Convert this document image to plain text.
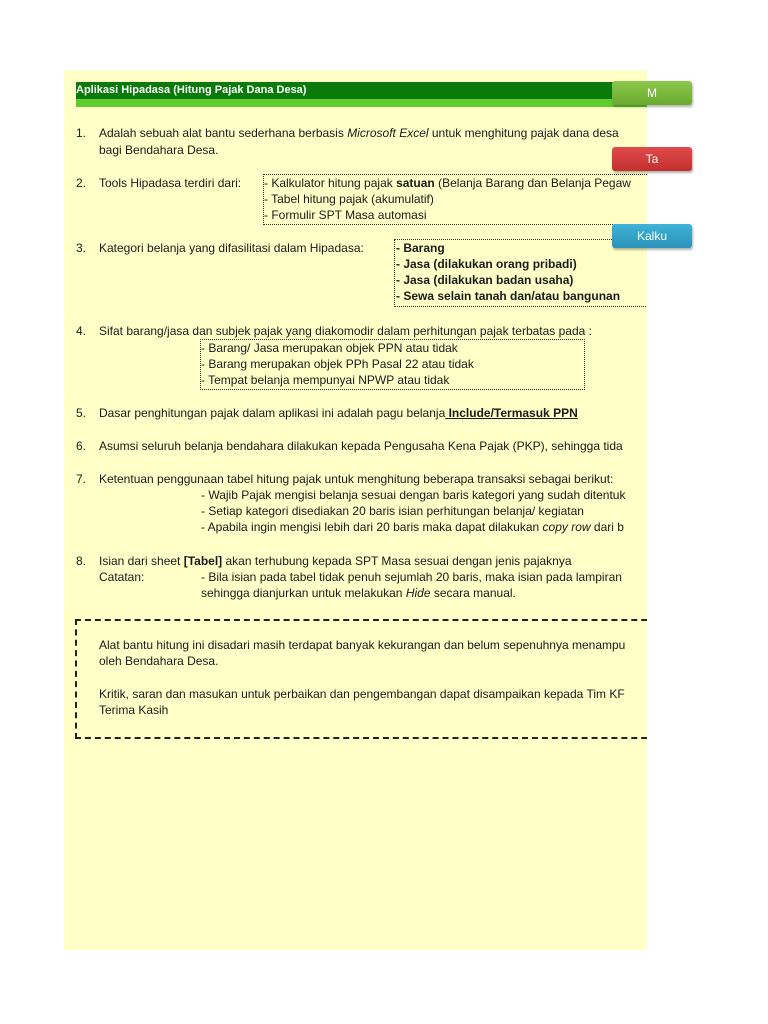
Aplikasi Hipadasa (Hitung Pajak Dana Desa)
1. Adalah sebuah alat bantu sederhana berbasis Microsoft Excel untuk menghitung pajak dana desa
bagi Bendahara Desa.
2. Tools Hipadasa terdiri dari: - Kalkulator hitung pajak satuan (Belanja Barang dan Belanja Pegaw
- Tabel hitung pajak (akumulatif)
- Formulir SPT Masa automasi
3. Kategori belanja yang difasilitasi dalam Hipadasa:	- Barang
- Jasa (dilakukan orang pribadi)
- Jasa (dilakukan badan usaha)
- Sewa selain tanah dan/atau bangunan
4. Sifat barang/jasa dan subjek pajak yang diakomodir dalam perhitungan pajak terbatas pada :
- Barang/ Jasa merupakan objek PPN atau tidak
- Barang merupakan objek PPh Pasal 22 atau tidak
- Tempat belanja mempunyai NPWP atau tidak
5. Dasar penghitungan pajak dalam aplikasi ini adalah pagu belanja Include/Termasuk PPN
6. Asumsi seluruh belanja bendahara dilakukan kepada Pengusaha Kena Pajak (PKP), sehingga tida
7. Ketentuan penggunaan tabel hitung pajak untuk menghitung beberapa transaksi sebagai berikut:
- Wajib Pajak mengisi belanja sesuai dengan baris kategori yang sudah ditentuk
- Setiap kategori disediakan 20 baris isian perhitungan belanja/ kegiatan
- Apabila ingin mengisi lebih dari 20 baris maka dapat dilakukan copy row dari b
8. Isian dari sheet [Tabel] akan terhubung kepada SPT Masa sesuai dengan jenis pajaknya
Catatan:	- Bila isian pada tabel tidak penuh sejumlah 20 baris, maka isian pada lampiran
sehingga dianjurkan untuk melakukan Hide secara manual.
Alat bantu hitung ini disadari masih terdapat banyak kekurangan dan belum sepenuhnya menampu
oleh Bendahara Desa.
Kritik, saran dan masukan untuk perbaikan dan pengembangan dapat disampaikan kepada Tim KF
Terima Kasih
M
Ta
Kalku
